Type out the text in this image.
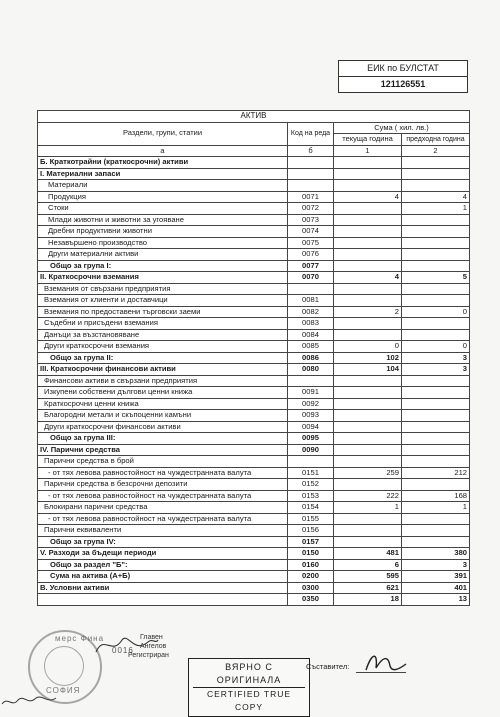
ЕИК по БУЛСТАТ
121126551
АКТИВ			
Раздели, групи, статии	Код на реда	Сума ( хил. лв.)	
		текуща година	предходна година
а	б	1	2
Б. Краткотрайни (краткосрочни) активи			
I. Материални запаси			
Материали			
Продукция	0071	4	4
Стоки	0072		1
Млади животни и животни за угояване	0073		
Дребни продуктивни животни	0074		
Незавършено производство	0075		
Други материални активи	0076		
Общо за група I:	0077		
II. Краткосрочни вземания	0070	4	5
Вземания от свързани предприятия			
Вземания от клиенти и доставчици	0081		
Вземания по предоставени търговски заеми	0082	2	0
Съдебни и присъдени вземания	0083		
Данъци за възстановяване	0084		
Други краткосрочни вземания	0085	0	0
Общо за група II:	0086	102	3
III. Краткосрочни финансови активи	0080	104	3
Финансови активи в свързани предприятия			
Изкупени собствени дългови ценни книжа	0091		
Краткосрочни ценни книжа	0092		
Благородни метали и скъпоценни камъни	0093		
Други краткосрочни финансови активи	0094		
Общо за група III:	0095		
IV. Парични средства	0090		
Парични средства в брой			
- от тях левова равностойност на чуждестранната валута	0151	259	212
Парични средства в безсрочни депозити	0152		
- от тях левова равностойност на чуждестранната валута	0153	222	168
Блокирани парични средства	0154	1	1
- от тях левова равностойност на чуждестранната валута	0155		
Парични еквиваленти	0156		
Общо за група IV:	0157		
V. Разходи за бъдещи периоди	0150	481	380
Общо за раздел "Б":	0160	6	3
Сума на актива (А+Б)	0200	595	391
В. Условни активи	0300	621	401
	0350	18	13
мерс Фина
СОФИЯ
0016
Главен
Ангелов
Регистриран
ВЯРНО С ОРИГИНАЛА
CERTIFIED TRUE COPY
Съставител:
